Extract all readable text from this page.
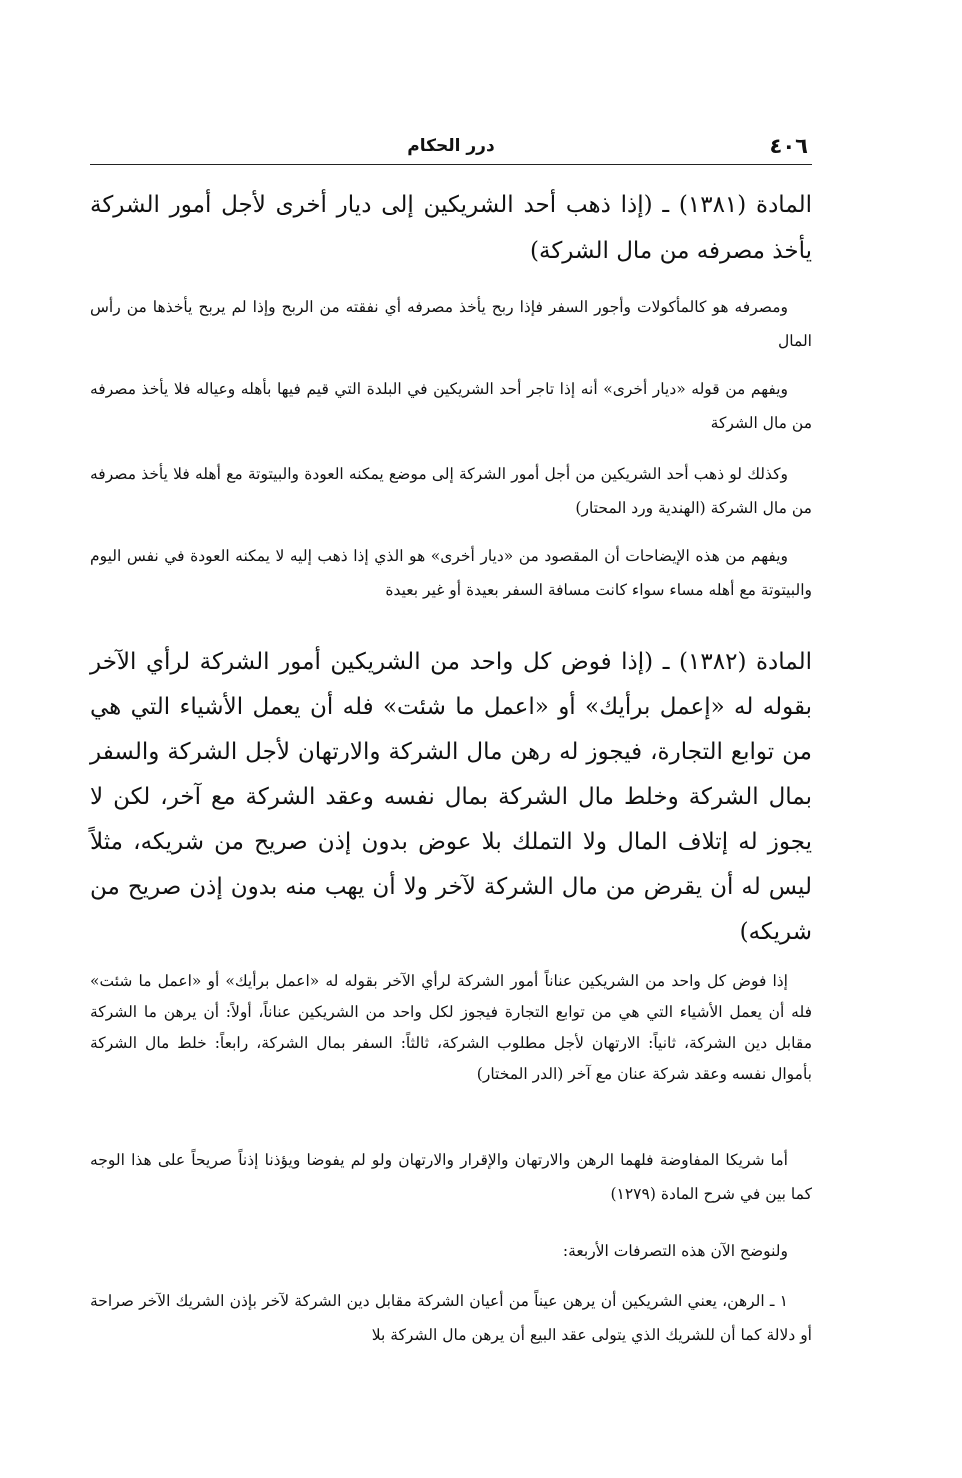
٤٠٦
درر الحكام

المادة (١٣٨١) ـ (إذا ذهب أحد الشريكين إلى ديار أخرى لأجل أمور الشركة يأخذ مصرفه من مال الشركة)

ومصرفه هو كالمأكولات وأجور السفر فإذا ربح يأخذ مصرفه أي نفقته من الربح وإذا لم يربح يأخذها من رأس المال

ويفهم من قوله «ديار أخرى» أنه إذا تاجر أحد الشريكين في البلدة التي قيم فيها بأهله وعياله فلا يأخذ مصرفه من مال الشركة

وكذلك لو ذهب أحد الشريكين من أجل أمور الشركة إلى موضع يمكنه العودة والبيتوتة مع أهله فلا يأخذ مصرفه من مال الشركة (الهندية ورد المحتار)

ويفهم من هذه الإيضاحات أن المقصود من «ديار أخرى» هو الذي إذا ذهب إليه لا يمكنه العودة في نفس اليوم والبيتوتة مع أهله مساء سواء كانت مسافة السفر بعيدة أو غير بعيدة

المادة (١٣٨٢) ـ (إذا فوض كل واحد من الشريكين أمور الشركة لرأي الآخر بقوله له «إعمل برأيك» أو «اعمل ما شئت» فله أن يعمل الأشياء التي هي من توابع التجارة، فيجوز له رهن مال الشركة والارتهان لأجل الشركة والسفر بمال الشركة وخلط مال الشركة بمال نفسه وعقد الشركة مع آخر، لكن لا يجوز له إتلاف المال ولا التملك بلا عوض بدون إذن صريح من شريكه، مثلاً ليس له أن يقرض من مال الشركة لآخر ولا أن يهب منه بدون إذن صريح من شريكه)

إذا فوض كل واحد من الشريكين عناناً أمور الشركة لرأي الآخر بقوله له «اعمل برأيك» أو «اعمل ما شئت» فله أن يعمل الأشياء التي هي من توابع التجارة فيجوز لكل واحد من الشريكين عناناً، أولاً: أن يرهن ما الشركة مقابل دين الشركة، ثانياً: الارتهان لأجل مطلوب الشركة، ثالثاً: السفر بمال الشركة، رابعاً: خلط مال الشركة بأموال نفسه وعقد شركة عنان مع آخر (الدر المختار)

أما شريكا المفاوضة فلهما الرهن والارتهان والإقرار والارتهان ولو لم يفوضا ويؤذنا إذناً صريحاً على هذا الوجه كما بين في شرح المادة (١٢٧٩)

ولنوضح الآن هذه التصرفات الأربعة:

١ ـ الرهن، يعني الشريكين أن يرهن عيناً من أعيان الشركة مقابل دين الشركة لآخر بإذن الشريك الآخر صراحة أو دلالة كما أن للشريك الذي يتولى عقد البيع أن يرهن مال الشركة بلا
